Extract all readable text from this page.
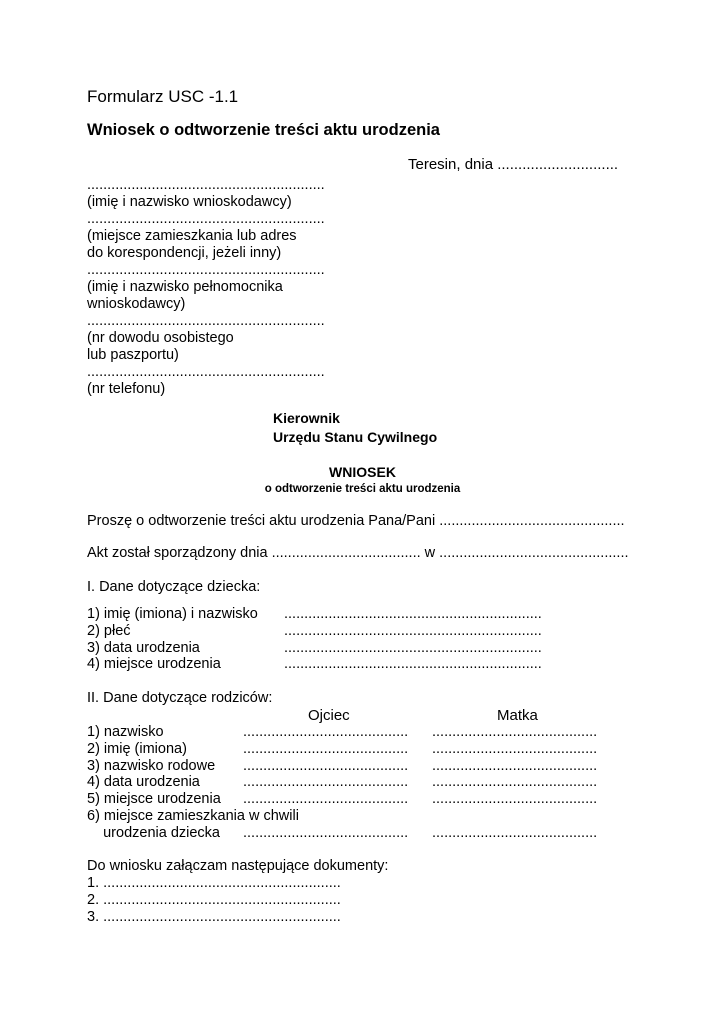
Formularz USC -1.1
Wniosek o odtworzenie treści aktu urodzenia
Teresin, dnia .............................
...........................................................
(imię i nazwisko wnioskodawcy)
...........................................................
(miejsce zamieszkania lub adres
do korespondencji, jeżeli inny)
...........................................................
(imię i nazwisko pełnomocnika
wnioskodawcy)
...........................................................
(nr dowodu osobistego
lub paszportu)
...........................................................
(nr telefonu)
Kierownik
Urzędu Stanu Cywilnego
WNIOSEK
o odtworzenie treści aktu urodzenia
Proszę o odtworzenie treści aktu urodzenia Pana/Pani ..............................................
Akt został sporządzony dnia ..................................... w ...............................................
I. Dane dotyczące dziecka:
1) imię (imiona) i nazwisko
2) płeć
3) data urodzenia
4) miejsce urodzenia
................................................................
................................................................
................................................................
................................................................
II. Dane dotyczące rodziców:
Ojciec	Matka
1) nazwisko
2) imię (imiona)
3) nazwisko rodowe
4) data urodzenia
5) miejsce urodzenia
6) miejsce zamieszkania w chwili
urodzenia dziecka
.........................................
.........................................
.........................................
.........................................
.........................................
.........................................
.........................................
.........................................
.........................................
.........................................
.........................................
.........................................
Do wniosku załączam następujące dokumenty:
1. ...........................................................
2. ...........................................................
3. ...........................................................
